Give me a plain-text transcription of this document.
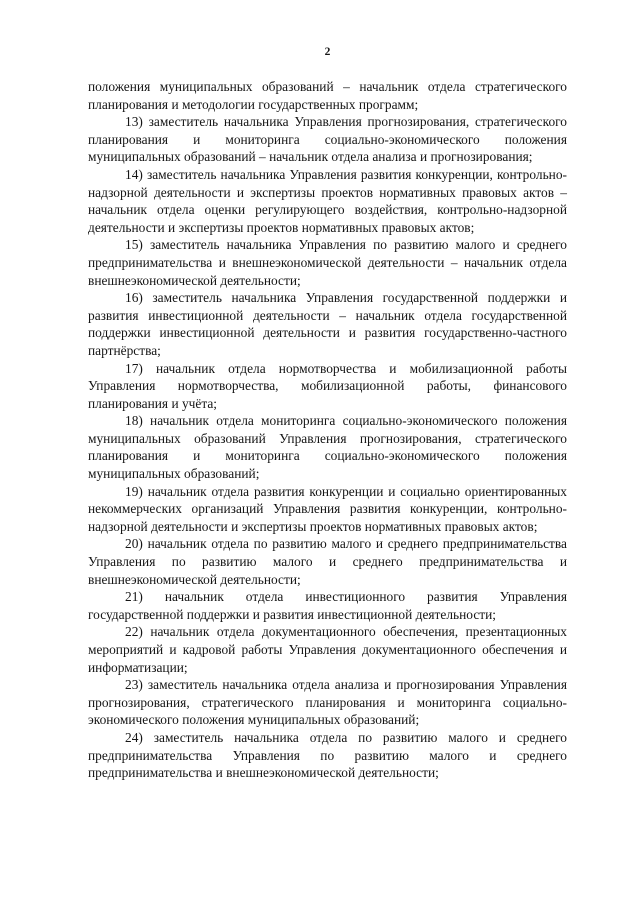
2

положения муниципальных образований – начальник отдела стратегического планирования и методологии государственных программ;

13) заместитель начальника Управления прогнозирования, стратегического планирования и мониторинга социально-экономического положения муниципальных образований – начальник отдела анализа и прогнозирования;

14) заместитель начальника Управления развития конкуренции, контрольно-надзорной деятельности и экспертизы проектов нормативных правовых актов – начальник отдела оценки регулирующего воздействия, контрольно-надзорной деятельности и экспертизы проектов нормативных правовых актов;

15) заместитель начальника Управления по развитию малого и среднего предпринимательства и внешнеэкономической деятельности – начальник отдела внешнеэкономической деятельности;

16) заместитель начальника Управления государственной поддержки и развития инвестиционной деятельности – начальник отдела государственной поддержки инвестиционной деятельности и развития государственно-частного партнёрства;

17) начальник отдела нормотворчества и мобилизационной работы Управления нормотворчества, мобилизационной работы, финансового планирования и учёта;

18) начальник отдела мониторинга социально-экономического положения муниципальных образований Управления прогнозирования, стратегического планирования и мониторинга социально-экономического положения муниципальных образований;

19) начальник отдела развития конкуренции и социально ориентированных некоммерческих организаций Управления развития конкуренции, контрольно-надзорной деятельности и экспертизы проектов нормативных правовых актов;

20) начальник отдела по развитию малого и среднего предпринимательства Управления по развитию малого и среднего предпринимательства и внешнеэкономической деятельности;

21) начальник отдела инвестиционного развития Управления государственной поддержки и развития инвестиционной деятельности;

22) начальник отдела документационного обеспечения, презентационных мероприятий и кадровой работы Управления документационного обеспечения и информатизации;

23) заместитель начальника отдела анализа и прогнозирования Управления прогнозирования, стратегического планирования и мониторинга социально-экономического положения муниципальных образований;

24) заместитель начальника отдела по развитию малого и среднего предпринимательства Управления по развитию малого и среднего предпринимательства и внешнеэкономической деятельности;
